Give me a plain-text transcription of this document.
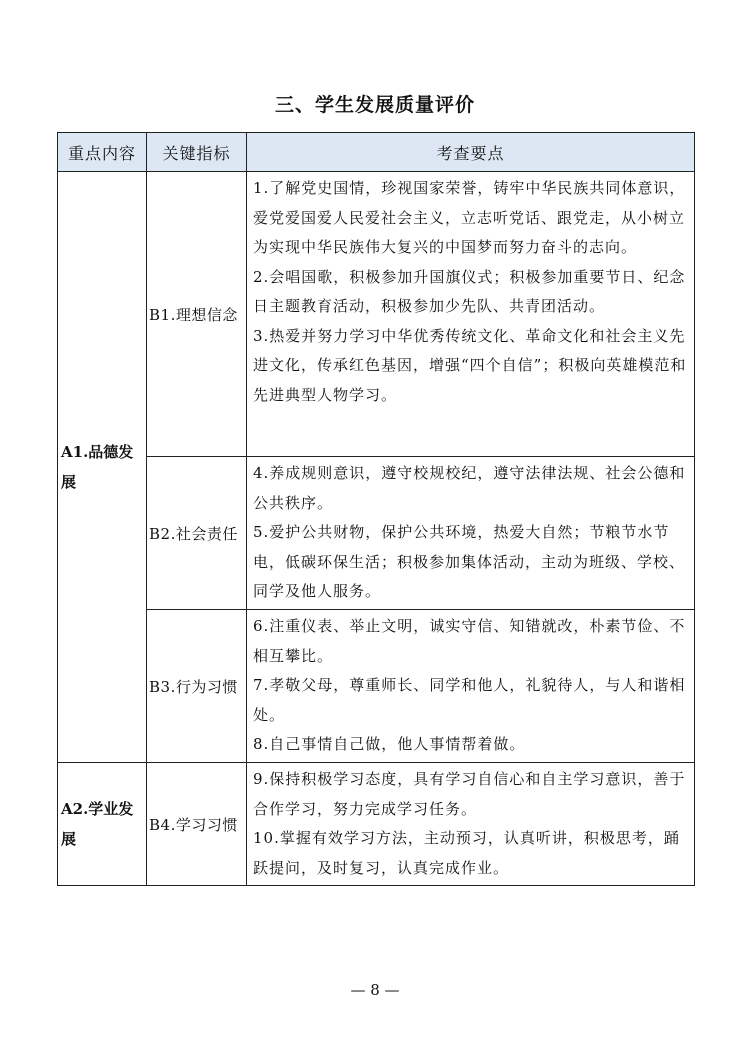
三、学生发展质量评价
重点内容	关键指标	考查要点
A1.品德发展	B1.理想信念	1.了解党史国情，珍视国家荣誉，铸牢中华民族共同体意识，爱党爱国爱人民爱社会主义，立志听党话、跟党走，从小树立为实现中华民族伟大复兴的中国梦而努力奋斗的志向。

2.会唱国歌，积极参加升国旗仪式；积极参加重要节日、纪念日主题教育活动，积极参加少先队、共青团活动。

3.热爱并努力学习中华优秀传统文化、革命文化和社会主义先进文化，传承红色基因，增强“四个自信”；积极向英雄模范和先进典型人物学习。

	B2.社会责任	4.养成规则意识，遵守校规校纪，遵守法律法规、社会公德和公共秩序。

5.爱护公共财物，保护公共环境，热爱大自然；节粮节水节电，低碳环保生活；积极参加集体活动，主动为班级、学校、同学及他人服务。

	B3.行为习惯	6.注重仪表、举止文明，诚实守信、知错就改，朴素节俭、不相互攀比。

7.孝敬父母，尊重师长、同学和他人，礼貌待人，与人和谐相处。

8.自己事情自己做，他人事情帮着做。

A2.学业发展	B4.学习习惯	9.保持积极学习态度，具有学习自信心和自主学习意识，善于合作学习，努力完成学习任务。

10.掌握有效学习方法，主动预习，认真听讲，积极思考，踊跃提问，及时复习，认真完成作业。

— 8 —
